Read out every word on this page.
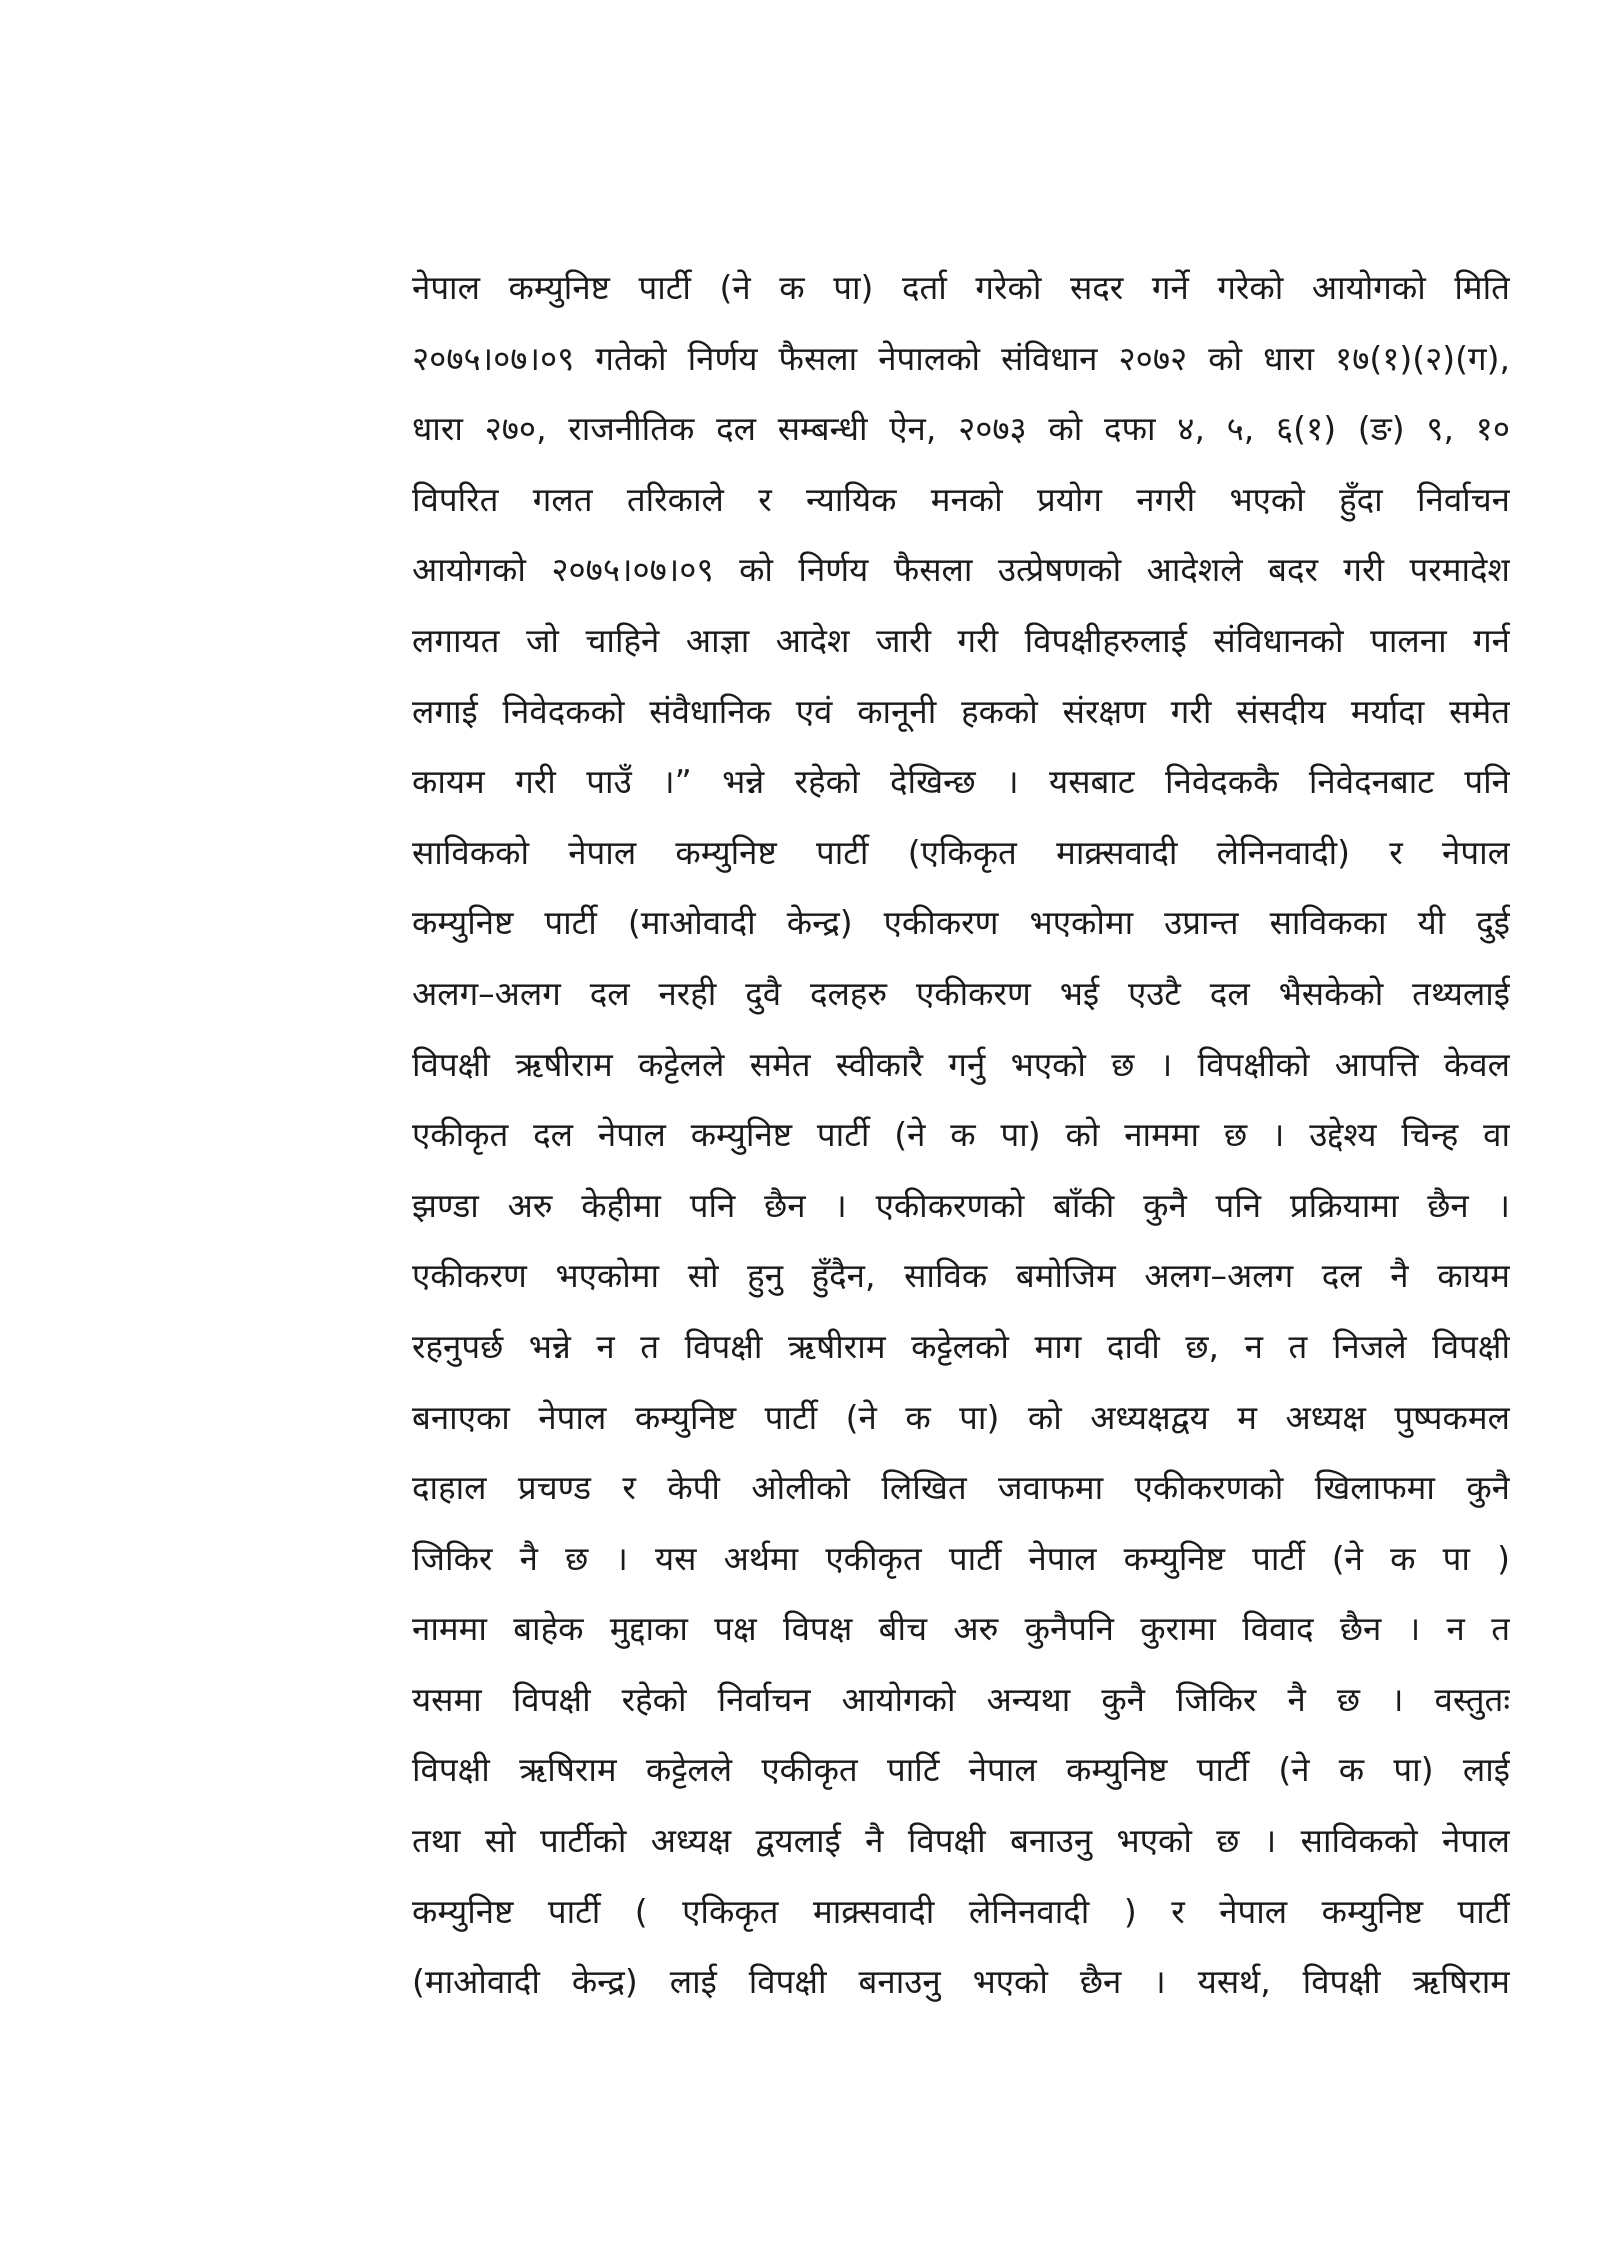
नेपाल कम्युनिष्ट पार्टी (ने क पा) दर्ता गरेको सदर गर्ने गरेको आयोगको मिति
२०७५।०७।०९ गतेको निर्णय फैसला नेपालको संविधान २०७२ को धारा १७(१)(२)(ग),
धारा २७०, राजनीतिक दल सम्बन्धी ऐन, २०७३ को दफा ४, ५, ६(१) (ङ) ९, १०
विपरित गलत तरिकाले र न्यायिक मनको प्रयोग नगरी भएको हुँदा निर्वाचन
आयोगको २०७५।०७।०९ को निर्णय फैसला उत्प्रेषणको आदेशले बदर गरी परमादेश
लगायत जो चाहिने आज्ञा आदेश जारी गरी विपक्षीहरुलाई संविधानको पालना गर्न
लगाई निवेदकको संवैधानिक एवं कानूनी हकको संरक्षण गरी संसदीय मर्यादा समेत
कायम गरी पाउँ ।” भन्ने रहेको देखिन्छ । यसबाट निवेदककै निवेदनबाट पनि
साविकको नेपाल कम्युनिष्ट पार्टी (एकिकृत माक्र्सवादी लेनिनवादी) र नेपाल
कम्युनिष्ट पार्टी (माओवादी केन्द्र) एकीकरण भएकोमा उप्रान्त साविकका यी दुई
अलग–अलग दल नरही दुवै दलहरु एकीकरण भई एउटै दल भैसकेको तथ्यलाई
विपक्षी ऋषीराम कट्टेलले समेत स्वीकारै गर्नु भएको छ । विपक्षीको आपत्ति केवल
एकीकृत दल नेपाल कम्युनिष्ट पार्टी (ने क पा) को नाममा छ । उद्देश्य चिन्ह वा
झण्डा अरु केहीमा पनि छैन । एकीकरणको बाँकी कुनै पनि प्रक्रियामा छैन ।
एकीकरण भएकोमा सो हुनु हुँदैन, साविक बमोजिम अलग–अलग दल नै कायम
रहनुपर्छ भन्ने न त विपक्षी ऋषीराम कट्टेलको माग दावी छ, न त निजले विपक्षी
बनाएका नेपाल कम्युनिष्ट पार्टी (ने क पा) को अध्यक्षद्वय म अध्यक्ष पुष्पकमल
दाहाल प्रचण्ड र केपी ओलीको लिखित जवाफमा एकीकरणको खिलाफमा कुनै
जिकिर नै छ । यस अर्थमा एकीकृत पार्टी नेपाल कम्युनिष्ट पार्टी (ने क पा )
नाममा बाहेक मुद्दाका पक्ष विपक्ष बीच अरु कुनैपनि कुरामा विवाद छैन । न त
यसमा विपक्षी रहेको निर्वाचन आयोगको अन्यथा कुनै जिकिर नै छ । वस्तुतः
विपक्षी ऋषिराम कट्टेलले एकीकृत पार्टि नेपाल कम्युनिष्ट पार्टी (ने क पा) लाई
तथा सो पार्टीको अध्यक्ष द्वयलाई नै विपक्षी बनाउनु भएको छ । साविकको नेपाल
कम्युनिष्ट पार्टी ( एकिकृत माक्र्सवादी लेनिनवादी ) र नेपाल कम्युनिष्ट पार्टी
(माओवादी केन्द्र) लाई विपक्षी बनाउनु भएको छैन । यसर्थ, विपक्षी ऋषिराम
